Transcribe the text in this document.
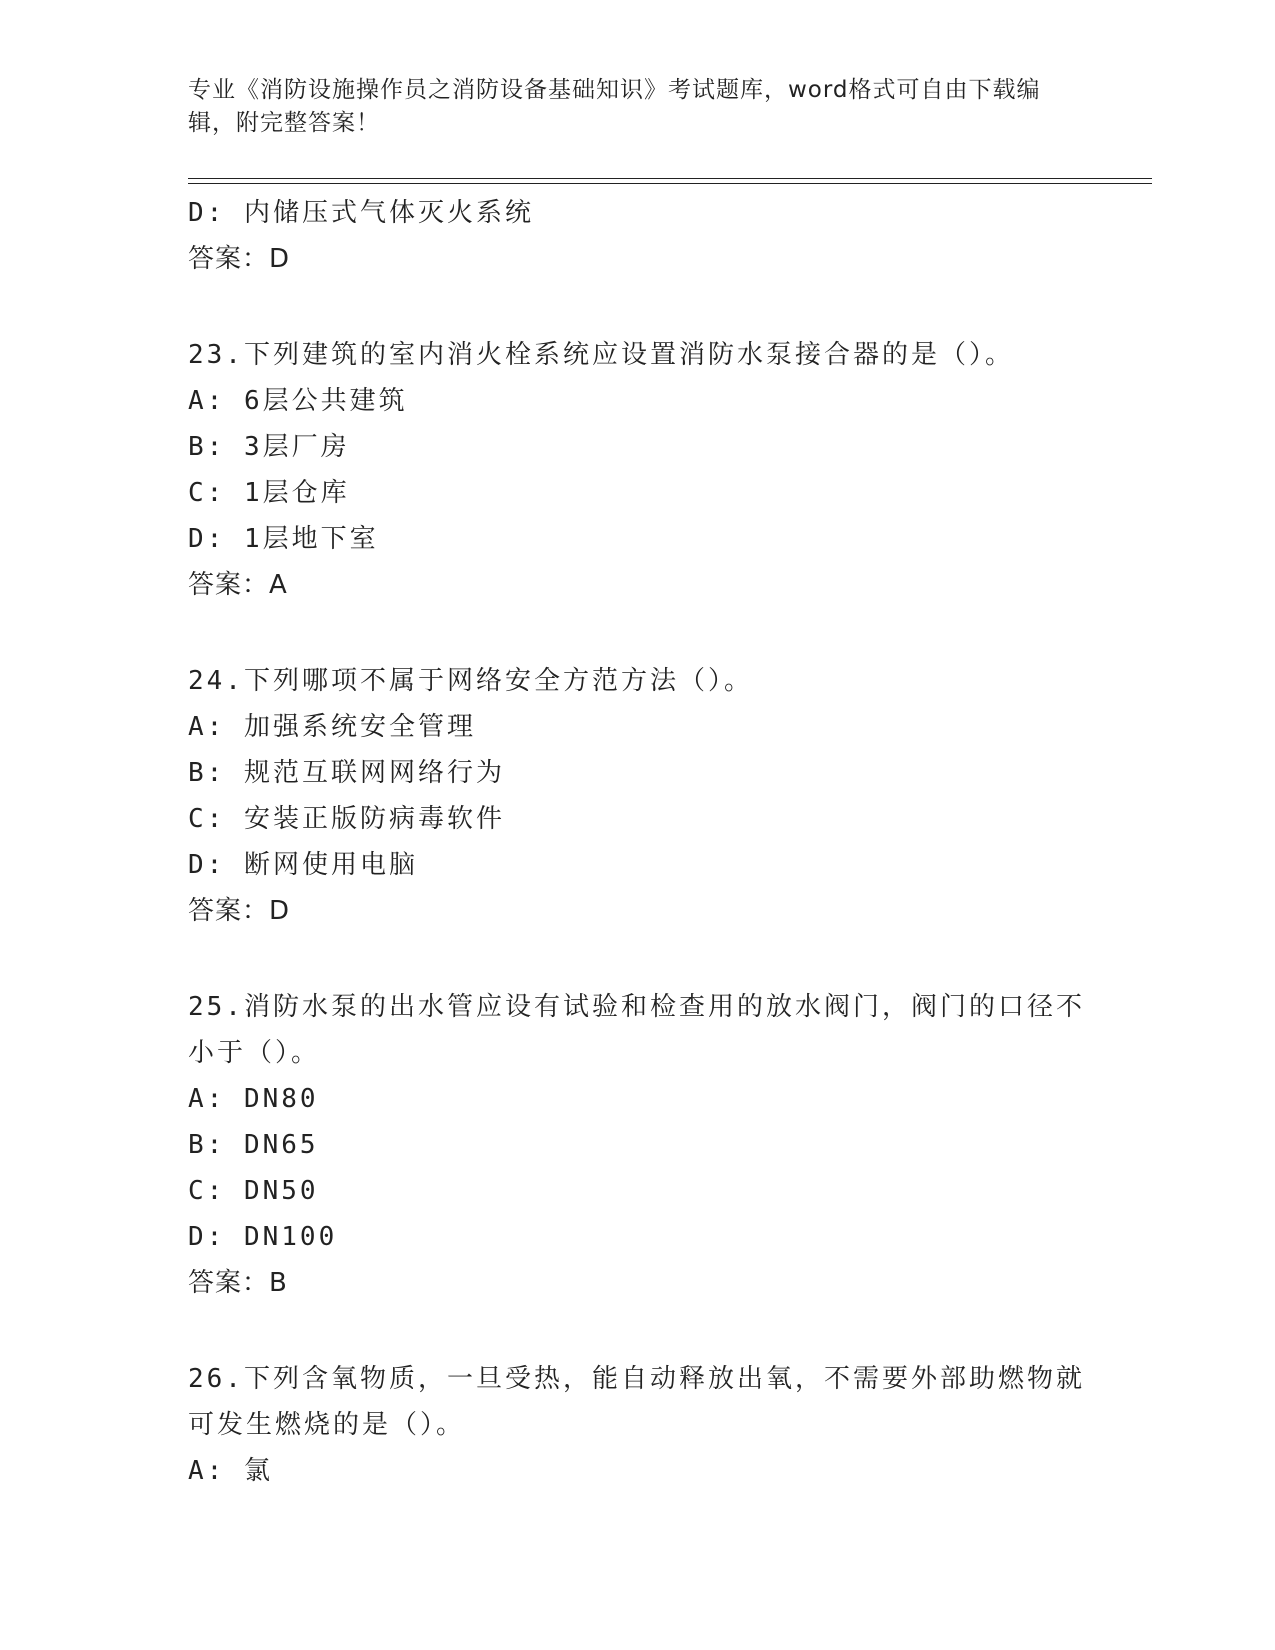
专业《消防设施操作员之消防设备基础知识》考试题库，word格式可自由下载编辑，附完整答案！
D: 内储压式气体灭火系统
答案：D
23.下列建筑的室内消火栓系统应设置消防水泵接合器的是（）。
A: 6层公共建筑
B: 3层厂房
C: 1层仓库
D: 1层地下室
答案：A
24.下列哪项不属于网络安全方范方法（）。
A: 加强系统安全管理
B: 规范互联网网络行为
C: 安装正版防病毒软件
D: 断网使用电脑
答案：D
25.消防水泵的出水管应设有试验和检查用的放水阀门，阀门的口径不小于（）。
A: DN80
B: DN65
C: DN50
D: DN100
答案：B
26.下列含氧物质，一旦受热，能自动释放出氧，不需要外部助燃物就可发生燃烧的是（）。
A: 氯
